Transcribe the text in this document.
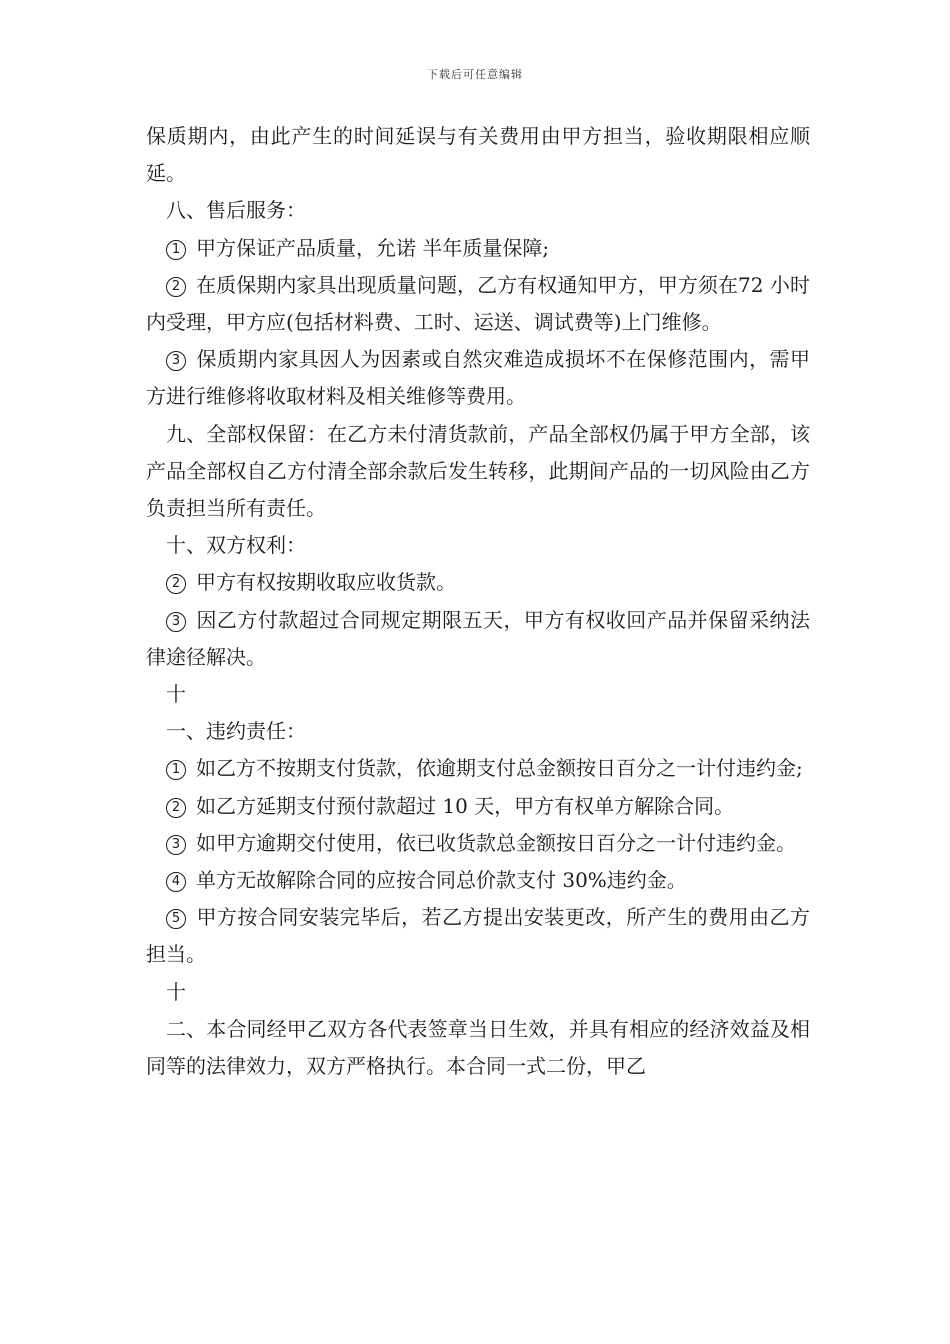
下载后可任意编辑

保质期内，由此产生的时间延误与有关费用由甲方担当，验收期限相应顺延。

八、售后服务：

1 甲方保证产品质量，允诺 半年质量保障;

2 在质保期内家具出现质量问题，乙方有权通知甲方，甲方须在72 小时内受理，甲方应(包括材料费、工时、运送、调试费等)上门维修。

3 保质期内家具因人为因素或自然灾难造成损坏不在保修范围内，需甲方进行维修将收取材料及相关维修等费用。

九、全部权保留：在乙方未付清货款前，产品全部权仍属于甲方全部，该产品全部权自乙方付清全部余款后发生转移，此期间产品的一切风险由乙方负责担当所有责任。

十、双方权利：

2 甲方有权按期收取应收货款。

3 因乙方付款超过合同规定期限五天，甲方有权收回产品并保留采纳法律途径解决。

十

一、违约责任：

1 如乙方不按期支付货款，依逾期支付总金额按日百分之一计付违约金;

2 如乙方延期支付预付款超过 10 天，甲方有权单方解除合同。

3 如甲方逾期交付使用，依已收货款总金额按日百分之一计付违约金。

4 单方无故解除合同的应按合同总价款支付 30%违约金。

5 甲方按合同安装完毕后，若乙方提出安装更改，所产生的费用由乙方担当。

十

二、本合同经甲乙双方各代表签章当日生效，并具有相应的经济效益及相同等的法律效力，双方严格执行。本合同一式二份，甲乙
